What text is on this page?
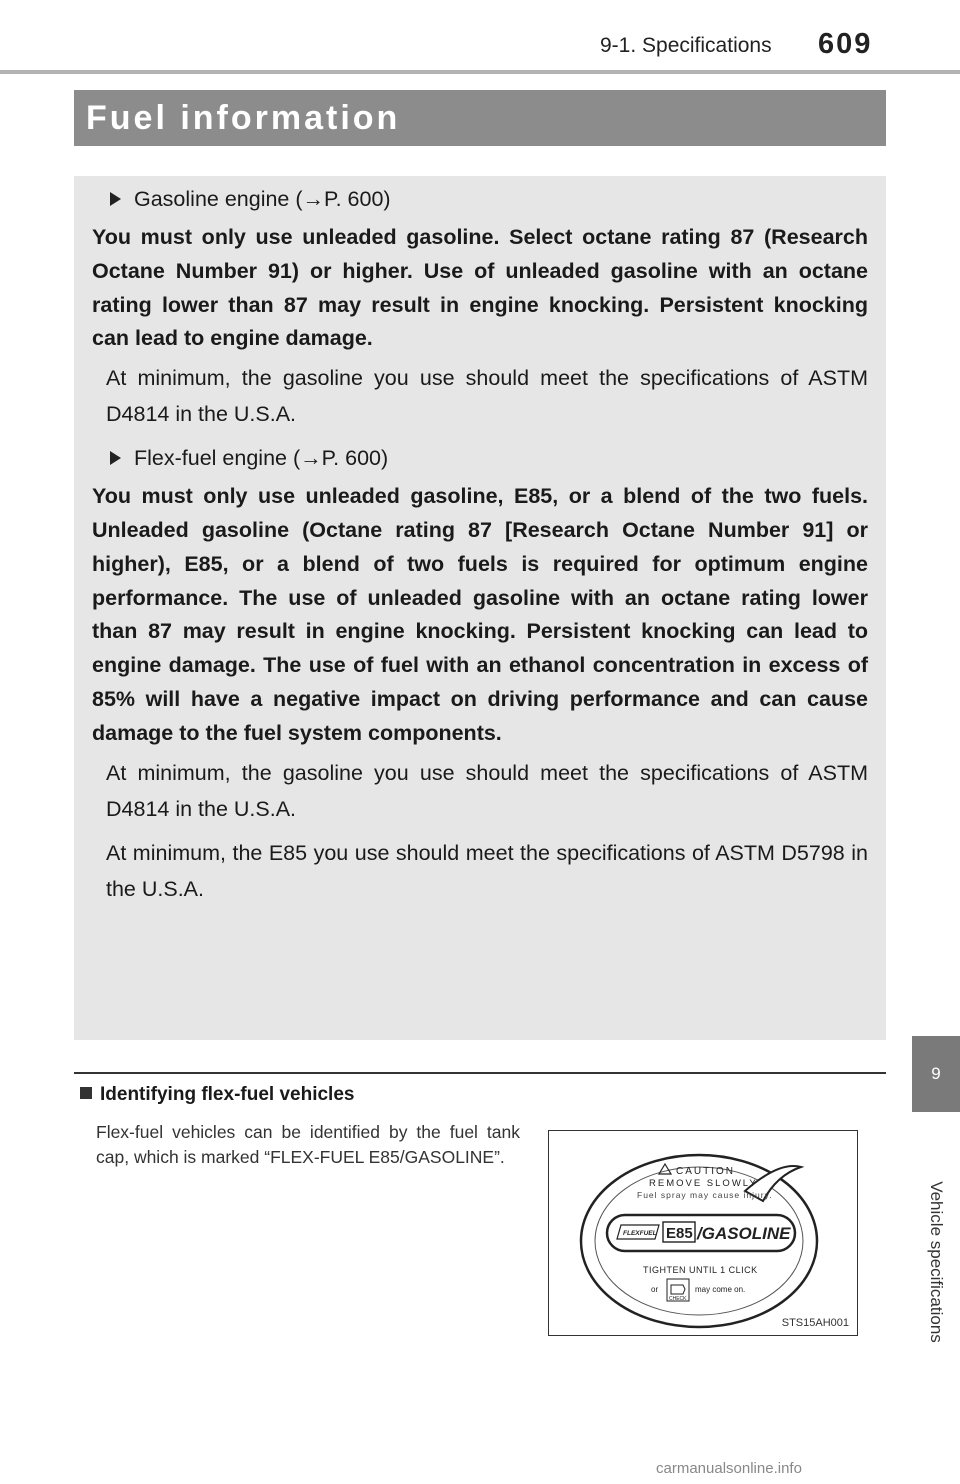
9-1. Specifications 609
Fuel information
Gasoline engine (→P. 600)

You must only use unleaded gasoline. Select octane rating 87 (Research Octane Number 91) or higher. Use of unleaded gasoline with an octane rating lower than 87 may result in engine knocking. Persistent knocking can lead to engine damage.

At minimum, the gasoline you use should meet the specifications of ASTM D4814 in the U.S.A.

Flex-fuel engine (→P. 600)

You must only use unleaded gasoline, E85, or a blend of the two fuels. Unleaded gasoline (Octane rating 87 [Research Octane Number 91] or higher), E85, or a blend of two fuels is required for optimum engine performance. The use of unleaded gasoline with an octane rating lower than 87 may result in engine knocking. Persistent knocking can lead to engine damage. The use of fuel with an ethanol concentration in excess of 85% will have a negative impact on driving performance and can cause damage to the fuel system components.

At minimum, the gasoline you use should meet the specifications of ASTM D4814 in the U.S.A.

At minimum, the E85 you use should meet the specifications of ASTM D5798 in the U.S.A.

Identifying flex-fuel vehicles
Flex-fuel vehicles can be identified by the fuel tank cap, which is marked “FLEX-FUEL E85/GASOLINE”.
CAUTION
REMOVE SLOWLY
Fuel spray may cause injury.
FLEXFUEL E85 /GASOLINE
TIGHTEN UNTIL 1 CLICK
or
CHECK
may come on.
STS15AH001
9
Vehicle specifications
carmanualsonline.info
